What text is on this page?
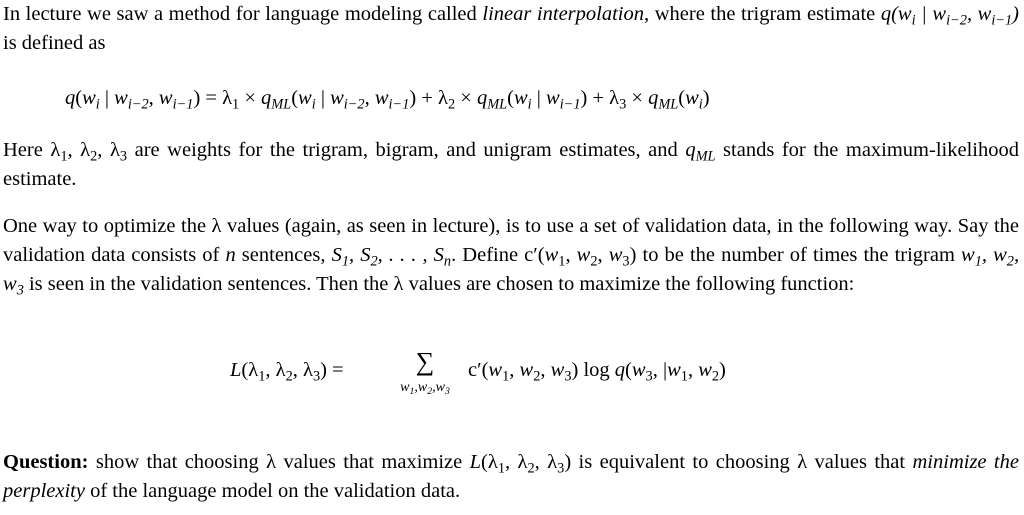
In lecture we saw a method for language modeling called linear interpolation, where the trigram estimate $q(w_i$ | $w_{i-2}$, $w_{i-1}$) is defined as
$q(w_i$ | $w_{i-2}$, $w_{i-1}) = \lambda_1 \times q_{ML}(w_i$ | $w_{i-2}$, $w_{i-1}) + \lambda_2 \times q_{ML}(w_i$ | $w_{i-1}) + \lambda_3 \times q_{ML}(w_i)$
Here $\lambda_1$, $\lambda_2$, $\lambda_3$ are weights for the trigram, bigram, and unigram estimates, and $q_{ML}$ stands for the maximum-likelihood estimate.
One way to optimize the λ values (again, as seen in lecture), is to use a set of validation data, in the following way. Say the validation data consists of n sentences, $S_1$, $S_2$, . . . , $S_n$. Define $c'(w_1$, $w_2$, $w_3$) to be the number of times the trigram $w_1$, $w_2$, $w_3$ is seen in the validation sentences. Then the λ values are chosen to maximize the following function:
$L(\lambda_1$, $\lambda_2$, $\lambda_3$) =	∑
$w_1,w_2,w_3$
$c'(w_1$, $w_2$, $w_3$) $\log q(w_3$, $|w_1$, $w_2$)
Question: show that choosing λ values that maximize $L(\lambda_1$, $\lambda_2$, $\lambda_3$) is equivalent to choosing λ values that minimize the perplexity of the language model on the validation data.
